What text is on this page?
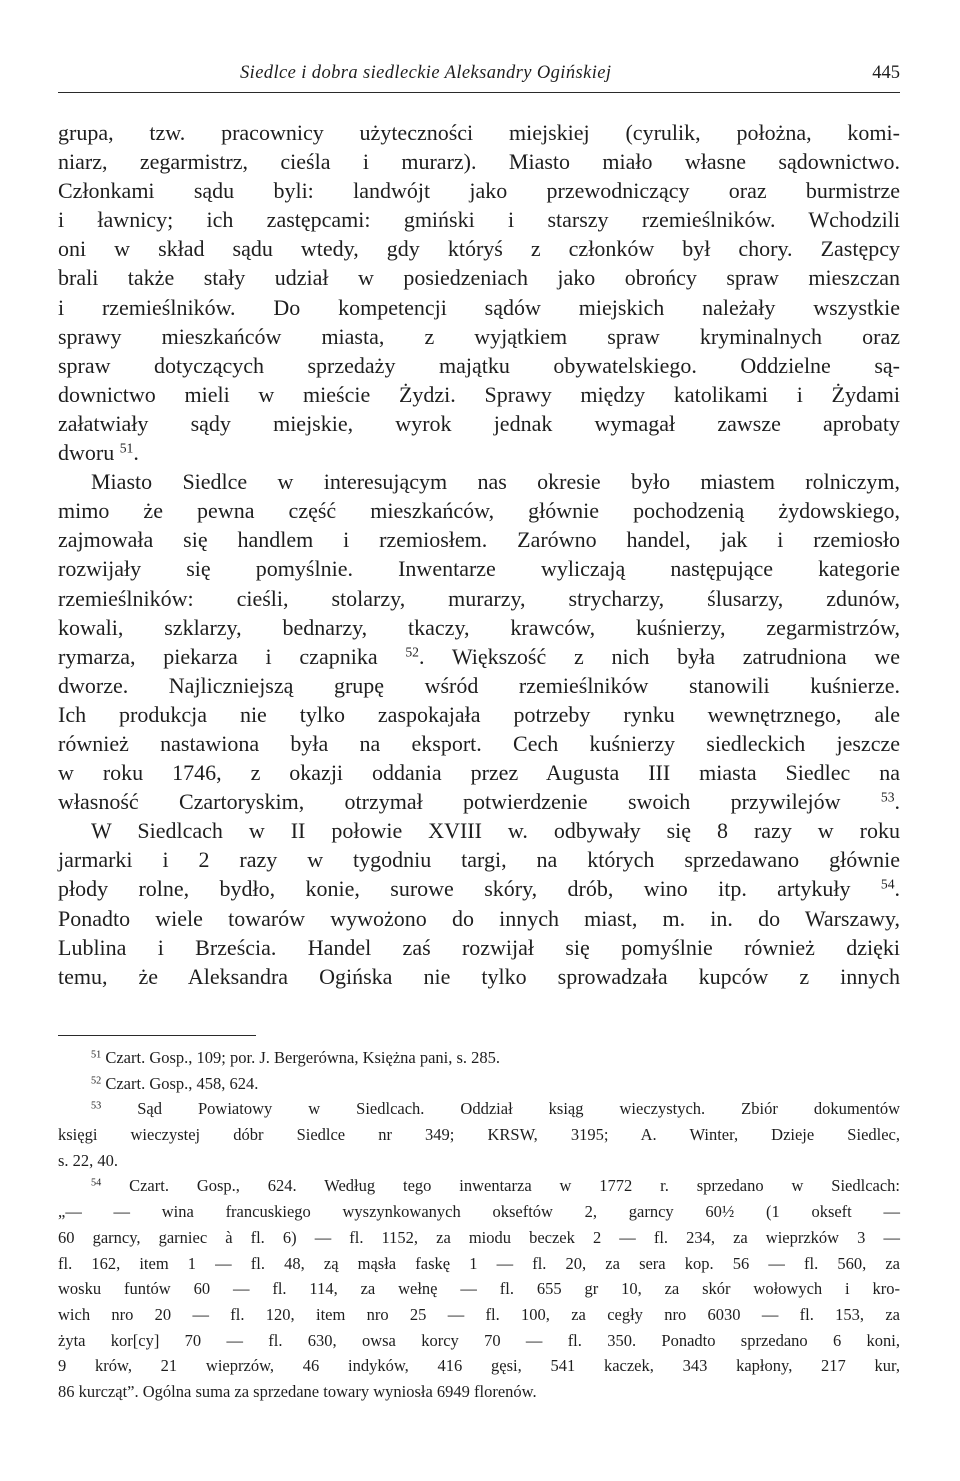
Siedlce i dobra siedleckie Aleksandry Ogińskiej	445
grupa, tzw. pracownicy użyteczności miejskiej (cyrulik, położna, komi-
niarz, zegarmistrz, cieśla i murarz). Miasto miało własne sądownictwo.
Członkami sądu byli: landwójt jako przewodniczący oraz burmistrze
i ławnicy; ich zastępcami: gmiński i starszy rzemieślników. Wchodzili
oni w skład sądu wtedy, gdy któryś z członków był chory. Zastępcy
brali także stały udział w posiedzeniach jako obrońcy spraw mieszczan
i rzemieślników. Do kompetencji sądów miejskich należały wszystkie
sprawy mieszkańców miasta, z wyjątkiem spraw kryminalnych oraz
spraw dotyczących sprzedaży majątku obywatelskiego. Oddzielne są-
downictwo mieli w mieście Żydzi. Sprawy między katolikami i Żydami
załatwiały sądy miejskie, wyrok jednak wymagał zawsze aprobaty
dworu $^{51}$.
Miasto Siedlce w interesującym nas okresie było miastem rolniczym,
mimo że pewna część mieszkańców, głównie pochodzenią żydowskiego,
zajmowała się handlem i rzemiosłem. Zarówno handel, jak i rzemiosło
rozwijały się pomyślnie. Inwentarze wyliczają następujące kategorie
rzemieślników: cieśli, stolarzy, murarzy, strycharzy, ślusarzy, zdunów,
kowali, szklarzy, bednarzy, tkaczy, krawców, kuśnierzy, zegarmistrzów,
rymarza, piekarza i czapnika $^{52}$. Większość z nich była zatrudniona we
dworze. Najliczniejszą grupę wśród rzemieślników stanowili kuśnierze.
Ich produkcja nie tylko zaspokajała potrzeby rynku wewnętrznego, ale
również nastawiona była na eksport. Cech kuśnierzy siedleckich jeszcze
w roku 1746, z okazji oddania przez Augusta III miasta Siedlec na
własność Czartoryskim, otrzymał potwierdzenie swoich przywilejów	$^{53}$.
W Siedlcach w II połowie XVIII w. odbywały się 8 razy w roku
jarmarki i 2 razy w tygodniu targi, na których sprzedawano głównie
płody rolne, bydło, konie, surowe skóry, drób, wino itp. artykuły $^{54}$.
Ponadto wiele towarów wywożono do innych miast, m. in. do Warszawy,
Lublina i Brześcia. Handel zaś rozwijał się pomyślnie również dzięki
temu, że Aleksandra Ogińska nie tylko sprowadzała kupców z innych
$^{51}$ Czart. Gosp., 109; por. J. Bergerówna, Księżna pani, s. 285.
$^{52}$ Czart. Gosp., 458, 624.
$^{53}$ Sąd Powiatowy w Siedlcach. Oddział ksiąg wieczystych. Zbiór dokumentów
księgi wieczystej dóbr Siedlce nr 349; KRSW, 3195; A. Winter, Dzieje Siedlec,
s. 22, 40.
$^{54}$ Czart. Gosp., 624. Według tego inwentarza w 1772 r. sprzedano w Siedlcach:
„— — wina francuskiego wyszynkowanych okseftów 2, garncy 60½ (1 okseft —
60 garncy, garniec à fl. 6) — fl. 1152, za miodu beczek 2 — fl. 234, za wieprzków 3 —
fl. 162, item 1 — fl. 48, zą mąsła faskę 1 — fl. 20, za sera kop. 56 — fl. 560, za
wosku funtów 60 — fl. 114, za wełnę — fl. 655 gr 10, za skór wołowych i kro-
wich nro 20 — fl. 120, item nro 25 — fl. 100, za cegły nro 6030 — fl. 153, za
żyta kor[cy] 70 — fl. 630, owsa korcy 70 — fl. 350. Ponadto sprzedano 6 koni,
9 krów, 21 wieprzów, 46 indyków, 416 gęsi, 541 kaczek, 343 kapłony, 217 kur,
86 kurcząt”. Ogólna suma za sprzedane towary wyniosła 6949 florenów.
